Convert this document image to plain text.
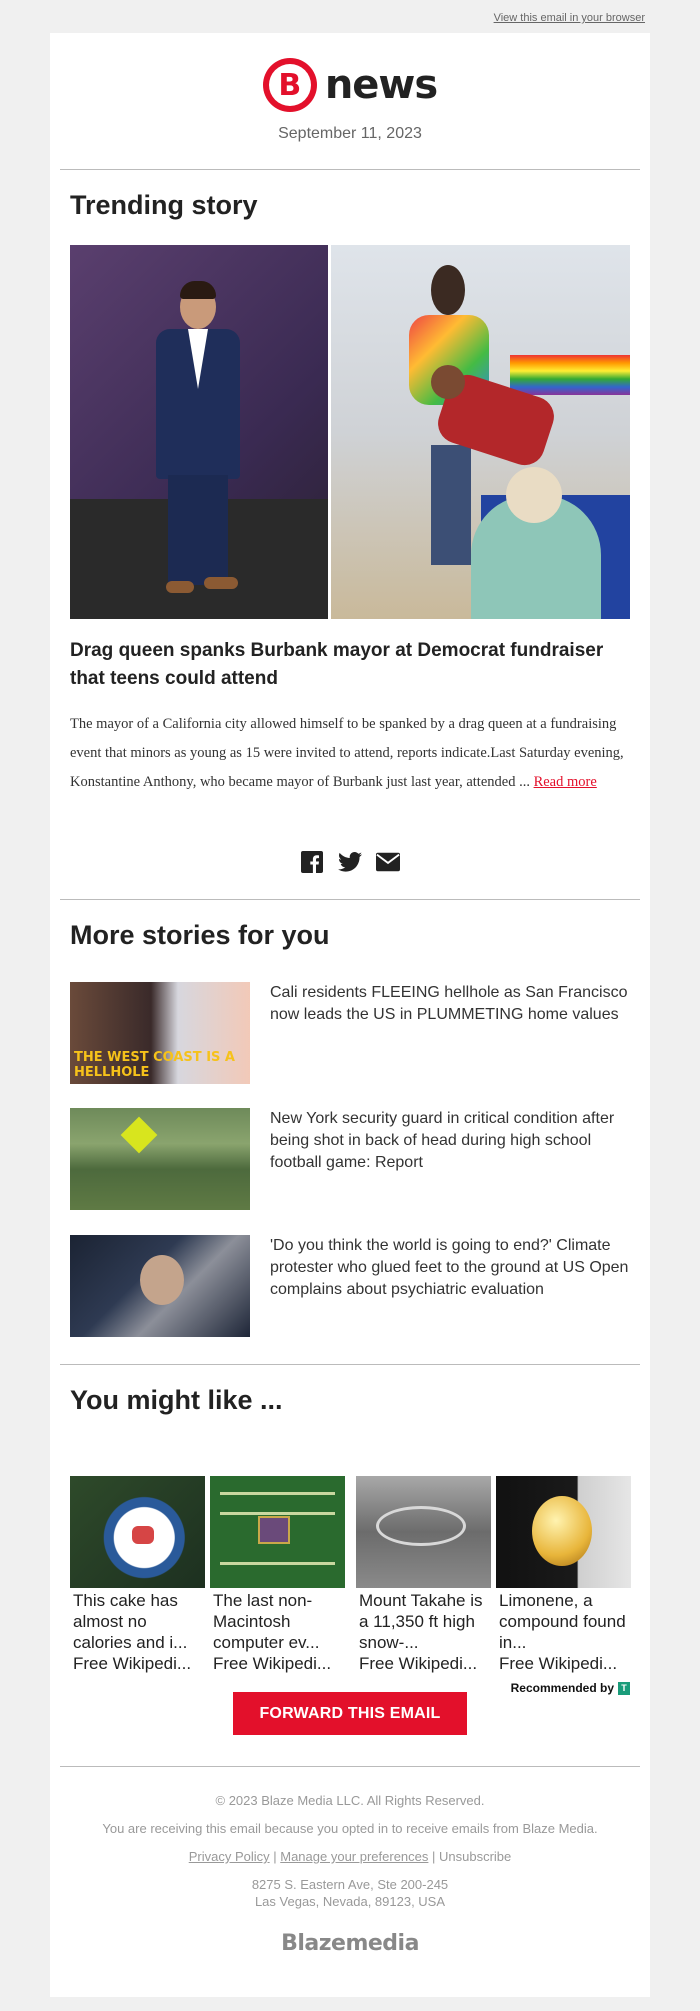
View this email in your browser
B news
September 11, 2023
Trending story
Drag queen spanks Burbank mayor at Democrat fundraiser that teens could attend
The mayor of a California city allowed himself to be spanked by a drag queen at a fundraising event that minors as young as 15 were invited to attend, reports indicate.Last Saturday evening, Konstantine Anthony, who became mayor of Burbank just last year, attended ... Read more
More stories for you
THE WEST COAST IS A HELLHOLE
Cali residents FLEEING hellhole as San Francisco now leads the US in PLUMMETING home values
New York security guard in critical condition after being shot in back of head during high school football game: Report
'Do you think the world is going to end?' Climate protester who glued feet to the ground at US Open complains about psychiatric evaluation
You might like ...
This cake has almost no calories and i...
Free Wikipedi...
The last non-Macintosh computer ev...
Free Wikipedi...
Mount Takahe is a 11,350 ft high snow-...
Free Wikipedi...
Limonene, a compound found in...
Free Wikipedi...
Recommended by T
FORWARD THIS EMAIL
© 2023 Blaze Media LLC. All Rights Reserved.
You are receiving this email because you opted in to receive emails from Blaze Media.
Privacy Policy | Manage your preferences | Unsubscribe
8275 S. Eastern Ave, Ste 200-245
Las Vegas, Nevada, 89123, USA
Blazemedia
